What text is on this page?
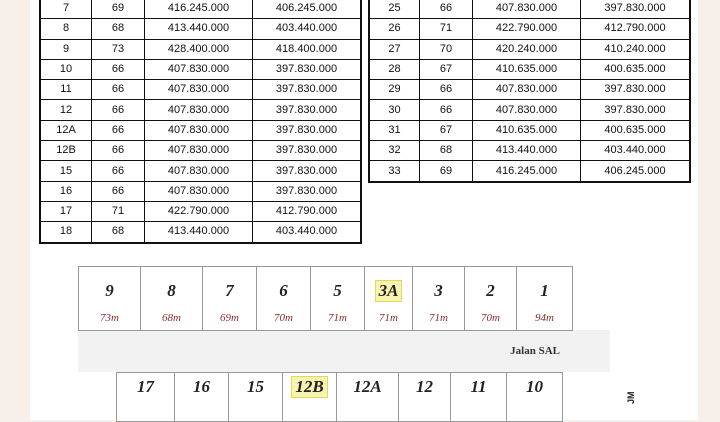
7	69	416.245.000	406.245.000
8	68	413.440.000	403.440.000
9	73	428.400.000	418.400.000
10	66	407.830.000	397.830.000
11	66	407.830.000	397.830.000
12	66	407.830.000	397.830.000
12A	66	407.830.000	397.830.000
12B	66	407.830.000	397.830.000
15	66	407.830.000	397.830.000
16	66	407.830.000	397.830.000
17	71	422.790.000	412.790.000
18	68	413.440.000	403.440.000
25	66	407.830.000	397.830.000
26	71	422.790.000	412.790.000
27	70	420.240.000	410.240.000
28	67	410.635.000	400.635.000
29	66	407.830.000	397.830.000
30	66	407.830.000	397.830.000
31	67	410.635.000	400.635.000
32	68	413.440.000	403.440.000
33	69	416.245.000	406.245.000
Jalan SAL
9
73m
8
68m
7
69m
6
70m
5
71m
3A
71m
3
71m
2
70m
1
94m
17	16	15	12B	12A	12	11	10
JM
